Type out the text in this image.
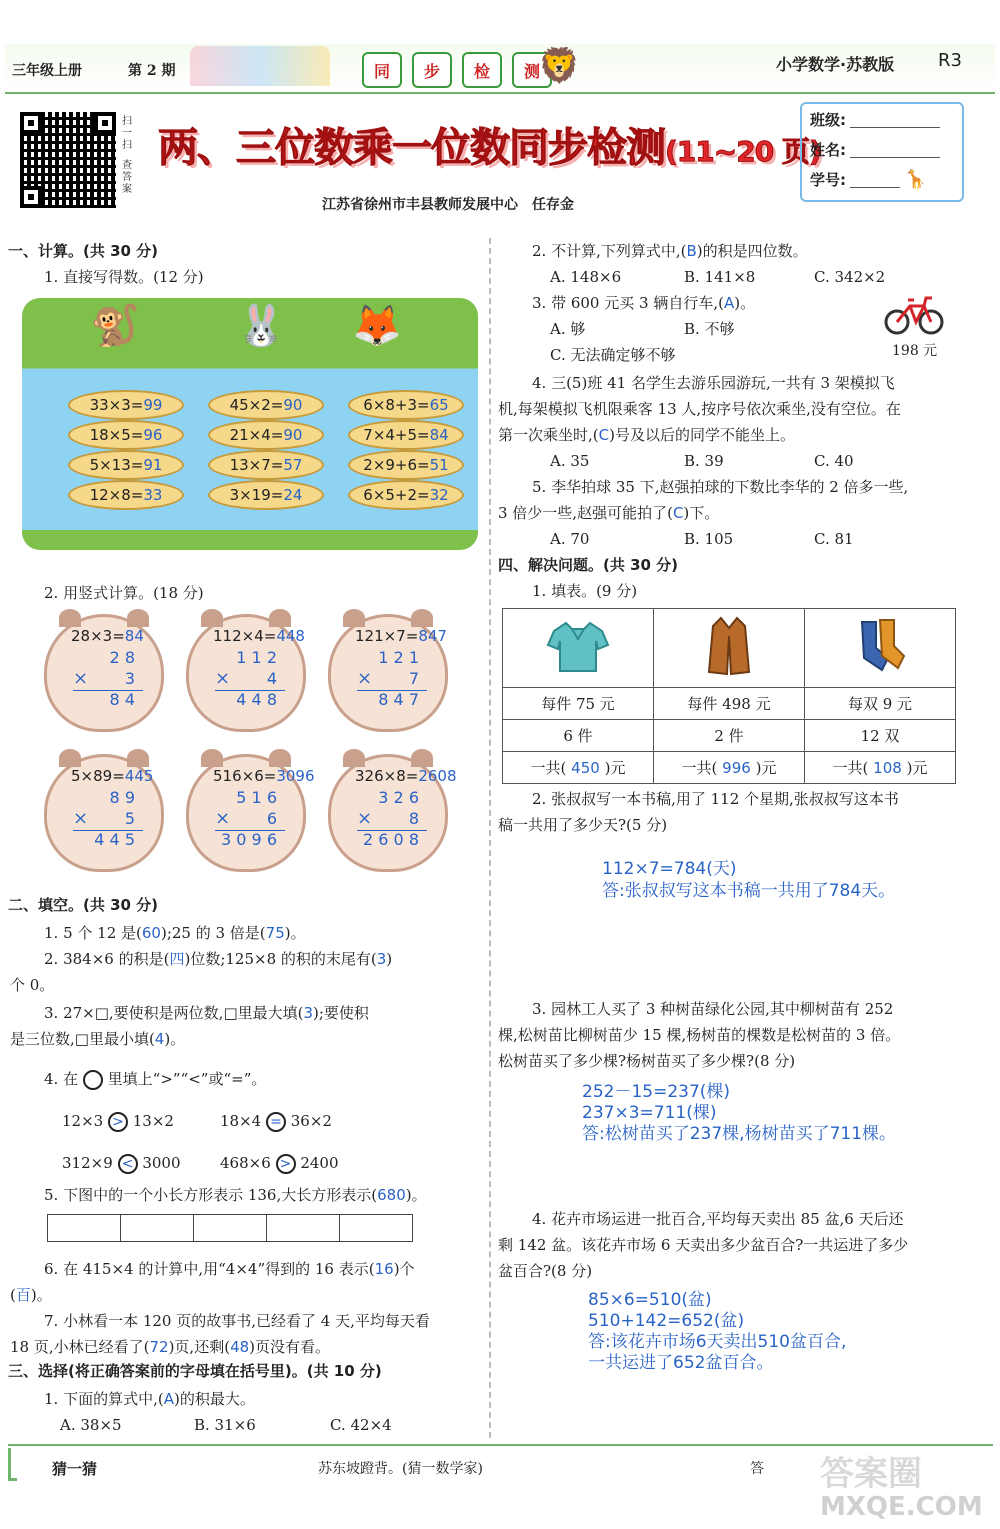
三年级上册	第 2 期	同	步	检	测
🦁	小学数学·苏教版 R3
扫一扫
查答案
两、三位数乘一位数同步检测(11~20 页)
江苏省徐州市丰县教师发展中心　任存金
班级:
姓名:
学号:	🦒
一、计算。(共 30 分)
1. 直接写得数。(12 分)
🐒 🐰 🦊
33×3= 99	45×2= 90	6×8+3= 65
18×5= 96	21×4= 90	7×4+5= 84
5×13= 91	13×7= 57	2×9+6= 51
12×8= 33	3×19= 24	6×5+2= 32
2. 用竖式计算。(18 分)
28×3=84
2 8
3
8 4
×
112×4=448
1 1 2
4
4 4 8
×
121×7=847
1 2 1
7
8 4 7
×
5×89=445
8 9
5
4 4 5
×
516×6=3096
5 1 6
6
3 0 9 6
×
326×8=2608
3 2 6
8
2 6 0 8
×
二、填空。(共 30 分)
1. 5 个 12 是(60);25 的 3 倍是(75)。
2. 384×6 的积是(四)位数;125×8 的积的末尾有(3)
个 0。
3. 27×□,要使积是两位数,□里最大填(3);要使积
是三位数,□里最小填(4)。
4. 在 里填上“>”“<”或“=”。
12×3 > 13×2	18×4 = 36×2
312×9 < 3000	468×6 > 2400
5. 下图中的一个小长方形表示 136,大长方形表示(680)。
6. 在 415×4 的计算中,用“4×4”得到的 16 表示(16)个
(百)。
7. 小林看一本 120 页的故事书,已经看了 4 天,平均每天看
18 页,小林已经看了(72)页,还剩(48)页没有看。
三、选择(将正确答案前的字母填在括号里)。(共 10 分)
1. 下面的算式中,(A)的积最大。
A. 38×5	B. 31×6	C. 42×4
2. 不计算,下列算式中,(B)的积是四位数。
A. 148×6	B. 141×8	C. 342×2
3. 带 600 元买 3 辆自行车,(A)。
A. 够	B. 不够
C. 无法确定够不够	198 元
4. 三(5)班 41 名学生去游乐园游玩,一共有 3 架模拟飞
机,每架模拟飞机限乘客 13 人,按序号依次乘坐,没有空位。在
第一次乘坐时,(C)号及以后的同学不能坐上。
A. 35	B. 39	C. 40
5. 李华拍球 35 下,赵强拍球的下数比李华的 2 倍多一些,
3 倍少一些,赵强可能拍了(C)下。
A. 70	B. 105	C. 81
四、解决问题。(共 30 分)
1. 填表。(9 分)

每件 75 元	每件 498 元	每双 9 元
6 件	2 件	12 双
一共( 450 )元	一共( 996 )元	一共( 108 )元
2. 张叔叔写一本书稿,用了 112 个星期,张叔叔写这本书
稿一共用了多少天?(5 分)
112×7=784(天)
答:张叔叔写这本书稿一共用了784天。
3. 园林工人买了 3 种树苗绿化公园,其中柳树苗有 252
棵,松树苗比柳树苗少 15 棵,杨树苗的棵数是松树苗的 3 倍。
松树苗买了多少棵?杨树苗买了多少棵?(8 分)
252－15=237(棵)
237×3=711(棵)
答:松树苗买了237棵,杨树苗买了711棵。
4. 花卉市场运进一批百合,平均每天卖出 85 盆,6 天后还
剩 142 盆。该花卉市场 6 天卖出多少盆百合?一共运进了多少
盆百合?(8 分)
85×6=510(盆)
510+142=652(盆)
答:该花卉市场6天卖出510盆百合,
一共运进了652盆百合。
猜一猜	苏东坡蹬背。(猜一数学家)	答 答案圈
MXQE.COM
